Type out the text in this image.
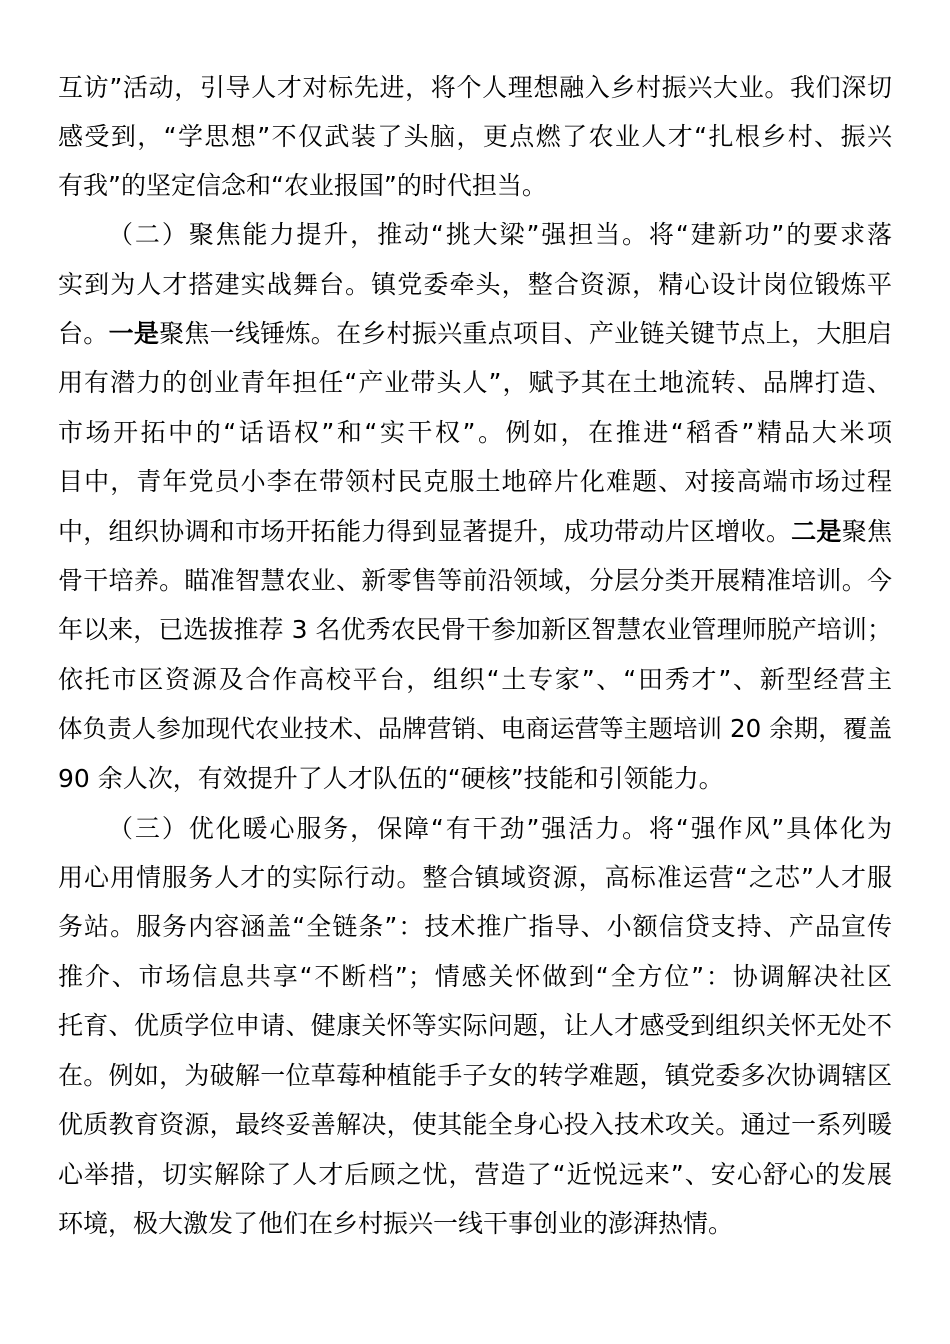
互访”活动，引导人才对标先进，将个人理想融入乡村振兴大业。我们深切
感受到，“学思想”不仅武装了头脑，更点燃了农业人才“扎根乡村、振兴
有我”的坚定信念和“农业报国”的时代担当。
（二）聚焦能力提升，推动“挑大梁”强担当。将“建新功”的要求落
实到为人才搭建实战舞台。镇党委牵头，整合资源，精心设计岗位锻炼平
台。一是聚焦一线锤炼。在乡村振兴重点项目、产业链关键节点上，大胆启
用有潜力的创业青年担任“产业带头人”，赋予其在土地流转、品牌打造、
市场开拓中的“话语权”和“实干权”。例如，在推进“稻香”精品大米项
目中，青年党员小李在带领村民克服土地碎片化难题、对接高端市场过程
中，组织协调和市场开拓能力得到显著提升，成功带动片区增收。二是聚焦
骨干培养。瞄准智慧农业、新零售等前沿领域，分层分类开展精准培训。今
年以来，已选拔推荐 3 名优秀农民骨干参加新区智慧农业管理师脱产培训；
依托市区资源及合作高校平台，组织“土专家”、“田秀才”、新型经营主
体负责人参加现代农业技术、品牌营销、电商运营等主题培训 20 余期，覆盖
90 余人次，有效提升了人才队伍的“硬核”技能和引领能力。
（三）优化暖心服务，保障“有干劲”强活力。将“强作风”具体化为
用心用情服务人才的实际行动。整合镇域资源，高标准运营“之芯”人才服
务站。服务内容涵盖“全链条”：技术推广指导、小额信贷支持、产品宣传
推介、市场信息共享“不断档”；情感关怀做到“全方位”：协调解决社区
托育、优质学位申请、健康关怀等实际问题，让人才感受到组织关怀无处不
在。例如，为破解一位草莓种植能手子女的转学难题，镇党委多次协调辖区
优质教育资源，最终妥善解决，使其能全身心投入技术攻关。通过一系列暖
心举措，切实解除了人才后顾之忧，营造了“近悦远来”、安心舒心的发展
环境，极大激发了他们在乡村振兴一线干事创业的澎湃热情。
